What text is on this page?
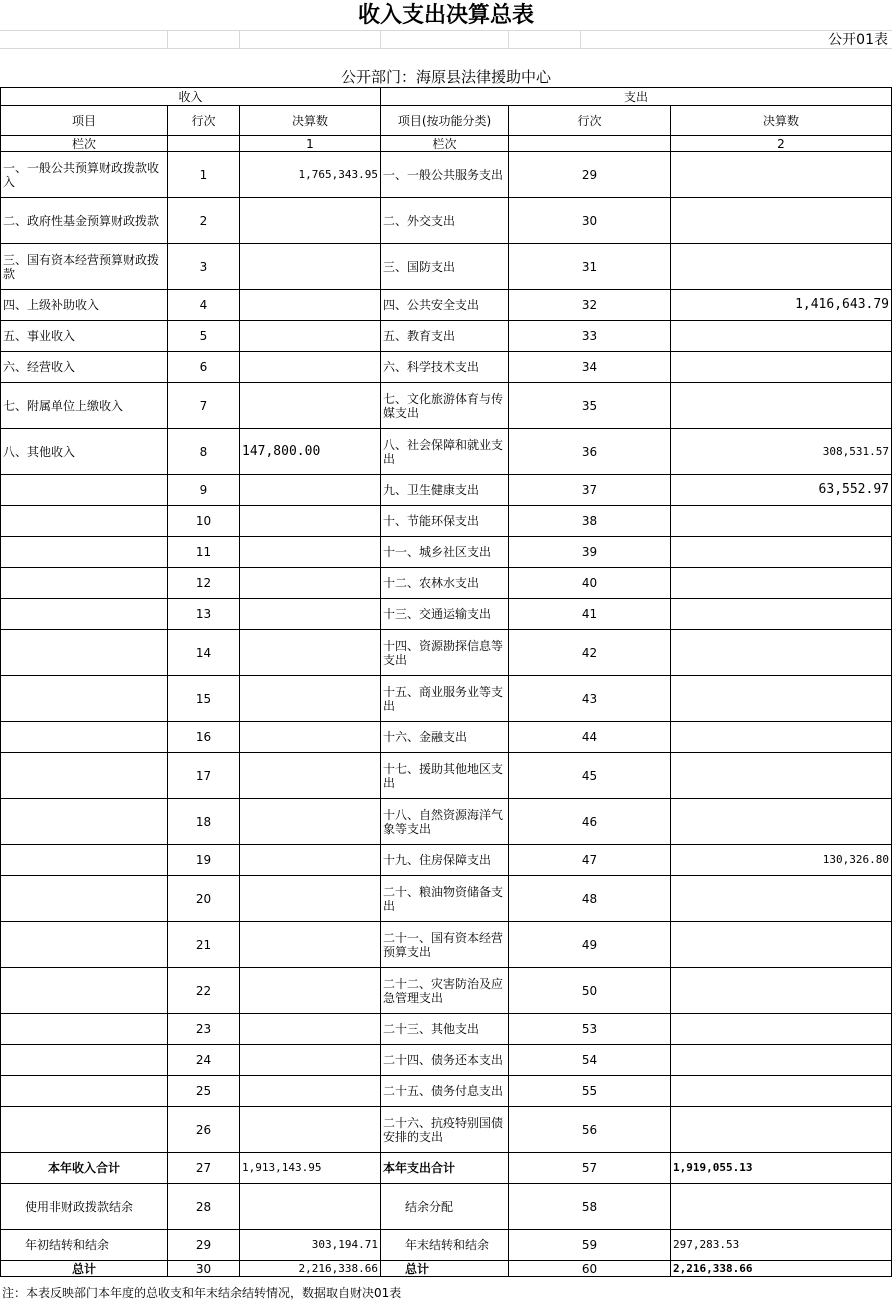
收入支出决算总表
公开01表
公开部门：海原县法律援助中心
收入			支出		
项目	行次	决算数	项目(按功能分类)	行次	决算数
栏次		1	栏次		2
一、一般公共预算财政拨款收入	1	1,765,343.95	一、一般公共服务支出	29	
二、政府性基金预算财政拨款	2		二、外交支出	30	
三、国有资本经营预算财政拨款	3		三、国防支出	31	
四、上级补助收入	4		四、公共安全支出	32	1,416,643.79
五、事业收入	5		五、教育支出	33	
六、经营收入	6		六、科学技术支出	34	
七、附属单位上缴收入	7		七、文化旅游体育与传媒支出	35	
八、其他收入	8	147,800.00	八、社会保障和就业支出	36	308,531.57
	9		九、卫生健康支出	37	63,552.97
	10		十、节能环保支出	38	
	11		十一、城乡社区支出	39	
	12		十二、农林水支出	40	
	13		十三、交通运输支出	41	
	14		十四、资源勘探信息等支出	42	
	15		十五、商业服务业等支出	43	
	16		十六、金融支出	44	
	17		十七、援助其他地区支出	45	
	18		十八、自然资源海洋气象等支出	46	
	19		十九、住房保障支出	47	130,326.80
	20		二十、粮油物资储备支出	48	
	21		二十一、国有资本经营预算支出	49	
	22		二十二、灾害防治及应急管理支出	50	
	23		二十三、其他支出	53	
	24		二十四、债务还本支出	54	
	25		二十五、债务付息支出	55	
	26		二十六、抗疫特别国债安排的支出	56	
本年收入合计	27	1,913,143.95	本年支出合计	57	1,919,055.13
使用非财政拨款结余	28		结余分配	58	
年初结转和结余	29	303,194.71	年末结转和结余	59	297,283.53
总计	30	2,216,338.66	总计	60	2,216,338.66
注：本表反映部门本年度的总收支和年末结余结转情况，数据取自财决01表
